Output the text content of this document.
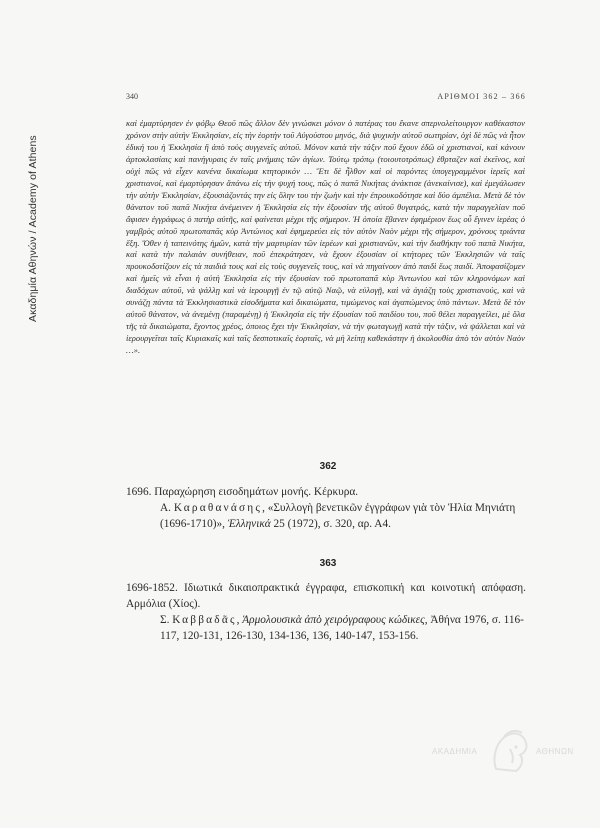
Ακαδημία Αθηνών / Academy of Athens
340	ΑΡΙΘΜΟΙ 362 – 366
καὶ ἐμαρτύρησεν ἐν φόβῳ Θεοῦ πῶς ἄλλον δὲν γινώσκει μόνον ὁ πατέρας του ἔκανε σπερνολείτουργον καθέκαστον χρόνον στὴν αὐτὴν Ἐκκλησίαν, εἰς τὴν ἑορτὴν τοῦ Αὐγούστου μηνός, διὰ ψυχικὴν αὐτοῦ σωτηρίαν, ὀχὶ δὲ πῶς νὰ ἦτον ἐδική του ἡ Ἐκκλησία ἢ ἀπὸ τοὺς συγγενεῖς αὐτοῦ. Μόνον κατὰ τὴν τάξιν ποῦ ἔχουν ἐδῶ οἱ χριστιανοί, καὶ κάνουν ἀρτοκλασίαις καὶ πανήγυραις ἐν ταῖς μνήμαις τῶν ἁγίων. Τούτῳ τρόπῳ (τοιουτοτρόπως) ἐθρταζεν καὶ ἐκεῖνος, καὶ οὐχὶ πῶς νὰ εἶχεν κανένα δικαίωμα κτητορικόν … Ἔτι δὲ ἦλθον καὶ οἱ παρόντες ὑπογεγραμμένοι ἱερεῖς καὶ χριστιανοί, καὶ ἐμαρτύρησαν ἅπάνω εἰς τὴν ψυχή τους, πῶς ὁ παπᾶ Νικήτας ἀνάκτισε (ἀνεκαίνισε), καὶ ἐμεγάλωσεν τὴν αὐτὴν Ἐκκλησίαν, ἐξουσιάζοντάς την εἰς ὅλην του τὴν ζωὴν καὶ τὴν ἐπρουκοδότησε καὶ δύο ἀμπέλια. Μετὰ δὲ τὸν θάνατον τοῦ παπᾶ Νικήτα ἀνέμεινεν ἡ Ἐκκλησία εἰς τὴν ἐξουσίαν τῆς αὐτοῦ θυγατρός, κατὰ τὴν παραγγελίαν ποῦ ἄφισεν ἐγγράφως ὁ πατὴρ αὐτῆς, καὶ φαίνεται μέχρι τῆς σήμερον. Ἡ ὁποία ἔβανεν ἐφημέριον ἕως οὗ ἔγινεν ἱερέας ὁ γαμβρὸς αὐτοῦ πρωτοπαπᾶς κὺρ Ἀντώνιος καὶ ἐφημερεύει εἰς τὸν αὐτὸν Ναὸν μέχρι τῆς σήμερον, χρόνους τριάντα ἕξη. Ὅθεν ἡ ταπεινότης ἡμῶν, κατὰ τὴν μαρτυρίαν τῶν ἱερέων καὶ χριστιανῶν, καὶ τὴν διαθήκην τοῦ παπᾶ Νικήτα, καὶ κατὰ τὴν παλαιὰν συνήθειαν, ποῦ ἐπεκράτησεν, νὰ ἔχουν ἐξουσίαν οἱ κτήτορες τῶν Ἐκκλησιῶν νὰ ταῖς προυκοδοτίζουν εἰς τὰ παιδιά τους καὶ εἰς τοὺς συγγενεῖς τους, καὶ νὰ πηγαίνουν ἀπὸ παιδὶ ἕως παιδί. Ἀποφασίζομεν καὶ ἡμεῖς νὰ εἶναι ἡ αὐτὴ Ἐκκλησία εἰς τὴν ἐξουσίαν τοῦ πρωτοπαπᾶ κὺρ Ἀντωνίου καὶ τῶν κληρονόμων καὶ διαδόχων αὐτοῦ, νὰ ψάλλῃ καὶ νὰ ἱερουργῇ ἐν τῷ αὐτῷ Ναῷ, νὰ εὐλογῇ, καὶ νὰ ἁγιάζῃ τοὺς χριστιανούς, καὶ νὰ συνάζῃ πάντα τὰ Ἐκκλησιαστικὰ εἰσοδήματα καὶ δικαιώματα, τιμώμενος καὶ ἀγαπώμενος ὑπὸ πάντων. Μετὰ δὲ τὸν αὐτοῦ θάνατον, νὰ ἀνεμένῃ (παραμένῃ) ἡ Ἐκκλησία εἰς τὴν ἐξουσίαν τοῦ παιδίου του, ποῦ θέλει παραγγείλει, μὲ ὅλα τῆς τὰ δικαιώματα, ἔχοντος χρέος, ὁποιος ἔχει τὴν Ἐκκλησίαν, νὰ τὴν φωταγωγῇ κατὰ τὴν τάξιν, νὰ ψάλλεται καὶ νὰ ἱερουργεῖται ταῖς Κυριακαῖς καὶ ταῖς δεσποτικαῖς ἑορταῖς, νὰ μὴ λείπῃ καθεκάστην ἡ ἀκολουθία ἀπὸ τὸν αὐτὸν Ναὸν …».
362
1696. Παραχώρηση εισοδημάτων μονής. Κέρκυρα.
Α. Καραθανάσης, «Συλλογὴ βενετικῶν ἐγγράφων γιὰ τὸν Ἠλία Μηνιάτη (1696-1710)», Ἑλληνικά 25 (1972), σ. 320, αρ. Α4.
363
1696-1852. Ιδιωτικά δικαιοπρακτικά έγγραφα, επισκοπική και κοινοτική απόφαση. Αρμόλια (Χίος).
Σ. Καββαδᾶς, Ἁρμολουσικὰ ἀπὸ χειρόγραφους κώδικες, Ἀθήνα 1976, σ. 116-117, 120-131, 126-130, 134-136, 136, 140-147, 153-156.
ΑΚΑΔΗΜΙΑ	ΑΘΗΝΩΝ
